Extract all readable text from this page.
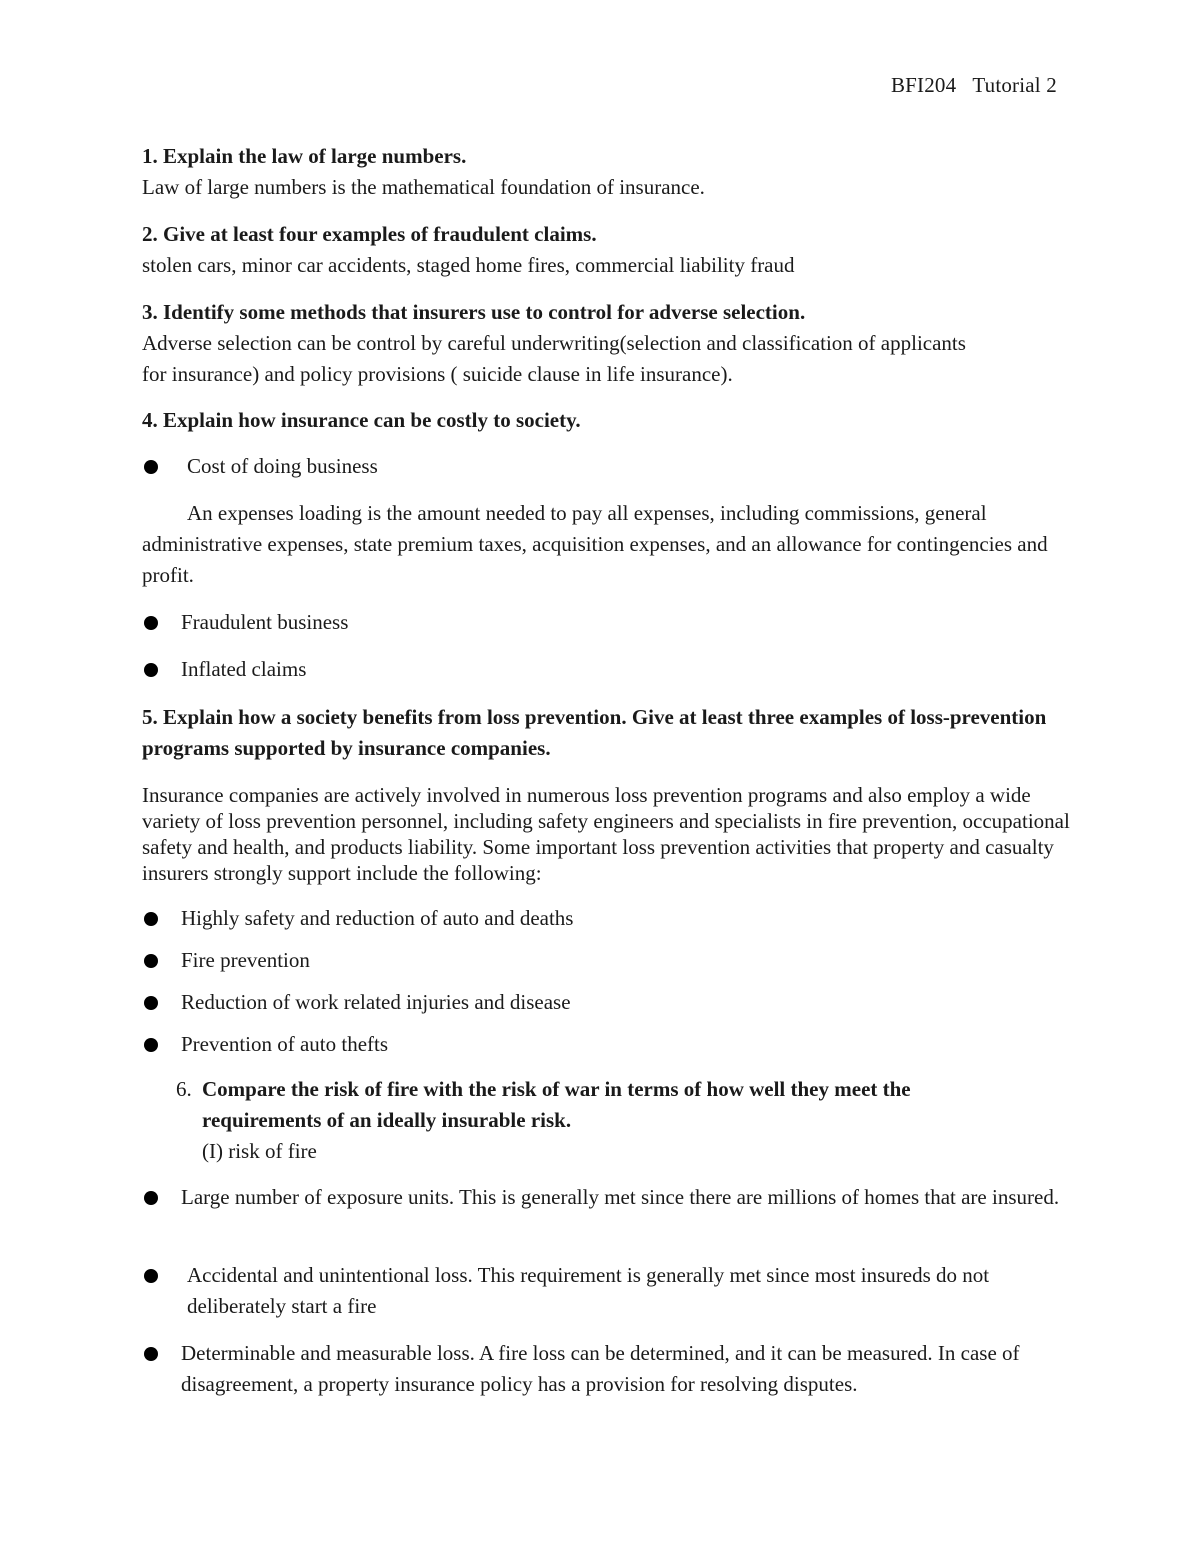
BFI204 Tutorial 2
1. Explain the law of large numbers.
Law of large numbers is the mathematical foundation of insurance.
2. Give at least four examples of fraudulent claims.
stolen cars, minor car accidents, staged home fires, commercial liability fraud
3. Identify some methods that insurers use to control for adverse selection.
Adverse selection can be control by careful underwriting(selection and classification of applicants for insurance) and policy provisions ( suicide clause in life insurance).
4. Explain how insurance can be costly to society.
Cost of doing business
An expenses loading is the amount needed to pay all expenses, including commissions, general administrative expenses, state premium taxes, acquisition expenses, and an allowance for contingencies and profit.
Fraudulent business
Inflated claims
5. Explain how a society benefits from loss prevention. Give at least three examples of loss-prevention programs supported by insurance companies.
Insurance companies are actively involved in numerous loss prevention programs and also employ a wide variety of loss prevention personnel, including safety engineers and specialists in fire prevention, occupational safety and health, and products liability. Some important loss prevention activities that property and casualty insurers strongly support include the following:
Highly safety and reduction of auto and deaths
Fire prevention
Reduction of work related injuries and disease
Prevention of auto thefts
6. Compare the risk of fire with the risk of war in terms of how well they meet the requirements of an ideally insurable risk.
(I) risk of fire
Large number of exposure units. This is generally met since there are millions of homes that are insured.
Accidental and unintentional loss. This requirement is generally met since most insureds do not deliberately start a fire
Determinable and measurable loss. A fire loss can be determined, and it can be measured. In case of disagreement, a property insurance policy has a provision for resolving disputes.
